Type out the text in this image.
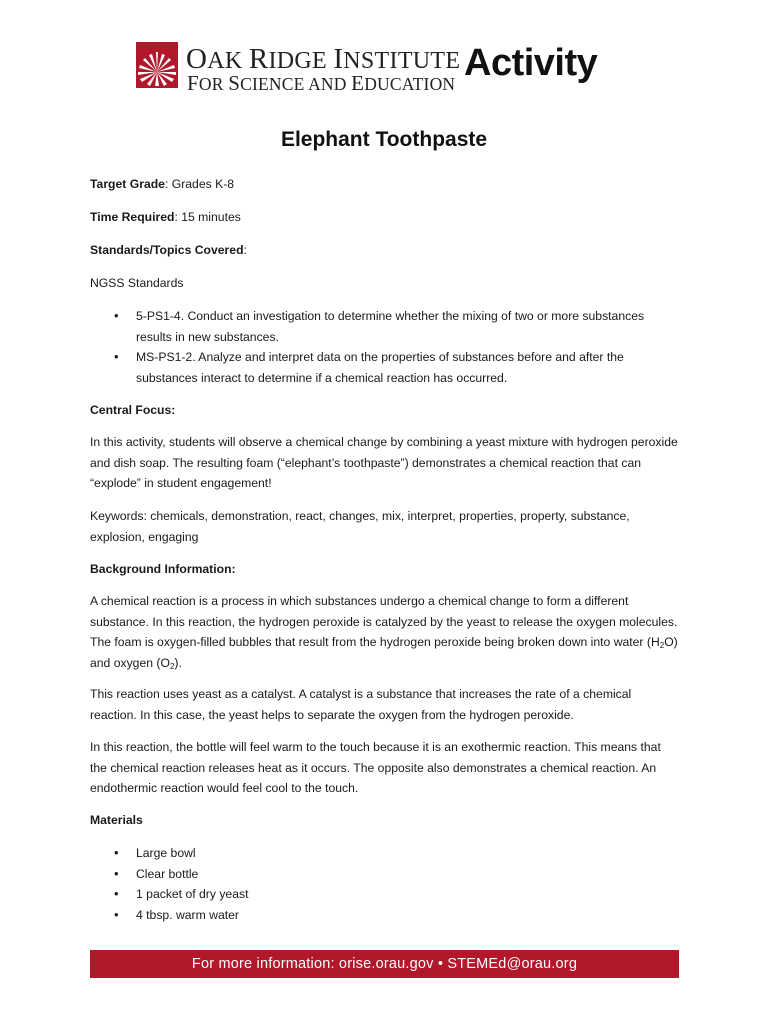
OAK RIDGE INSTITUTE
FOR SCIENCE AND EDUCATION Activity
Elephant Toothpaste
Target Grade: Grades K-8
Time Required: 15 minutes
Standards/Topics Covered:
NGSS Standards
• 5-PS1-4. Conduct an investigation to determine whether the mixing of two or more substances results in new substances.
• MS-PS1-2. Analyze and interpret data on the properties of substances before and after the substances interact to determine if a chemical reaction has occurred.
Central Focus:
In this activity, students will observe a chemical change by combining a yeast mixture with hydrogen peroxide and dish soap. The resulting foam (“elephant’s toothpaste”) demonstrates a chemical reaction that can “explode” in student engagement!
Keywords: chemicals, demonstration, react, changes, mix, interpret, properties, property, substance, explosion, engaging
Background Information:
A chemical reaction is a process in which substances undergo a chemical change to form a different substance. In this reaction, the hydrogen peroxide is catalyzed by the yeast to release the oxygen molecules. The foam is oxygen-filled bubbles that result from the hydrogen peroxide being broken down into water $(H_2O)$ and oxygen $(O_2)$.
This reaction uses yeast as a catalyst. A catalyst is a substance that increases the rate of a chemical reaction. In this case, the yeast helps to separate the oxygen from the hydrogen peroxide.
In this reaction, the bottle will feel warm to the touch because it is an exothermic reaction. This means that the chemical reaction releases heat as it occurs. The opposite also demonstrates a chemical reaction. An endothermic reaction would feel cool to the touch.
Materials
• Large bowl
• Clear bottle
• 1 packet of dry yeast
• 4 tbsp. warm water
For more information: orise.orau.gov • STEMEd@orau.org
